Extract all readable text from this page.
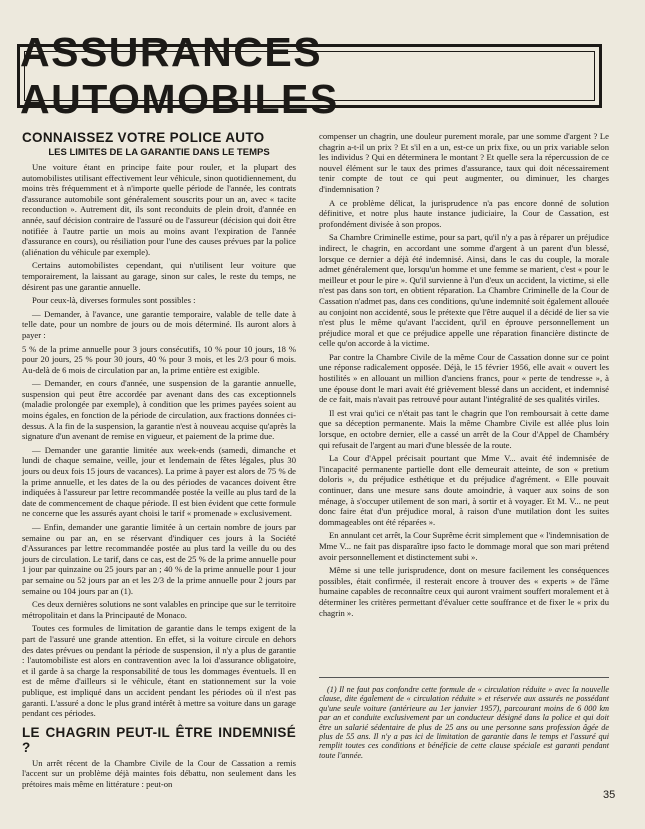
ASSURANCES AUTOMOBILES
CONNAISSEZ VOTRE POLICE AUTO
LES LIMITES DE LA GARANTIE DANS LE TEMPS

Une voiture étant en principe faite pour rouler, et la plupart des automobilistes utilisant effectivement leur véhicule, sinon quotidiennement, du moins très fréquemment et à n'importe quelle période de l'année, les contrats d'assurance automobile sont généralement souscrits pour un an, avec « tacite reconduction ». Autrement dit, ils sont reconduits de plein droit, d'année en année, sauf décision contraire de l'assuré ou de l'assureur (décision qui doit être notifiée à l'autre partie un mois au moins avant l'expiration de l'année d'assurance en cours), ou résiliation pour l'une des causes prévues par la police (aliénation du véhicule par exemple).

Certains automobilistes cependant, qui n'utilisent leur voiture que temporairement, la laissant au garage, sinon sur cales, le reste du temps, ne désirent pas une garantie annuelle.

Pour ceux-là, diverses formules sont possibles :

— Demander, à l'avance, une garantie temporaire, valable de telle date à telle date, pour un nombre de jours ou de mois déterminé. Ils auront alors à payer :

5 % de la prime annuelle pour 3 jours consécutifs, 10 % pour 10 jours, 18 % pour 20 jours, 25 % pour 30 jours, 40 % pour 3 mois, et les 2/3 pour 6 mois. Au-delà de 6 mois de circulation par an, la prime entière est exigible.

— Demander, en cours d'année, une suspension de la garantie annuelle, suspension qui peut être accordée par avenant dans des cas exceptionnels (maladie prolongée par exemple), à condition que les primes payées soient au moins égales, en fonction de la période de circulation, aux fractions données ci-dessus. A la fin de la suspension, la garantie n'est à nouveau acquise qu'après la signature d'un avenant de remise en vigueur, et paiement de la prime due.

— Demander une garantie limitée aux week-ends (samedi, dimanche et lundi de chaque semaine, veille, jour et lendemain de fêtes légales, plus 30 jours ou deux fois 15 jours de vacances). La prime à payer est alors de 75 % de la prime annuelle, et les dates de la ou des périodes de vacances doivent être indiquées à l'assureur par lettre recommandée postée la veille au plus tard de la date de commencement de chaque période. Il est bien évident que cette formule ne concerne que les assurés ayant choisi le tarif « promenade » exclusivement.

— Enfin, demander une garantie limitée à un certain nombre de jours par semaine ou par an, en se réservant d'indiquer ces jours à la Société d'Assurances par lettre recommandée postée au plus tard la veille du ou des jours de circulation. Le tarif, dans ce cas, est de 25 % de la prime annuelle pour 1 jour par quinzaine ou 25 jours par an ; 40 % de la prime annuelle pour 1 jour par semaine ou 52 jours par an et les 2/3 de la prime annuelle pour 2 jours par semaine ou 104 jours par an (1).

Ces deux dernières solutions ne sont valables en principe que sur le territoire métropolitain et dans la Principauté de Monaco.

Toutes ces formules de limitation de garantie dans le temps exigent de la part de l'assuré une grande attention. En effet, si la voiture circule en dehors des dates prévues ou pendant la période de suspension, il n'y a plus de garantie : l'automobiliste est alors en contravention avec la loi d'assurance obligatoire, et il garde à sa charge la responsabilité de tous les dommages éventuels. Il en est de même d'ailleurs si le véhicule, étant en stationnement sur la voie publique, est impliqué dans un accident pendant les périodes où il n'est pas garanti. L'assuré a donc le plus grand intérêt à mettre sa voiture dans un garage pendant ces périodes.

LE CHAGRIN PEUT-IL ÊTRE INDEMNISÉ ?

Un arrêt récent de la Chambre Civile de la Cour de Cassation a remis l'accent sur un problème déjà maintes fois débattu, non seulement dans les prétoires mais même en littérature : peut-on

compenser un chagrin, une douleur purement morale, par une somme d'argent ? Le chagrin a-t-il un prix ? Et s'il en a un, est-ce un prix fixe, ou un prix variable selon les individus ? Qui en déterminera le montant ? Et quelle sera la répercussion de ce nouvel élément sur le taux des primes d'assurance, taux qui doit nécessairement tenir compte de tout ce qui peut augmenter, ou diminuer, les charges d'indemnisation ?

A ce problème délicat, la jurisprudence n'a pas encore donné de solution définitive, et notre plus haute instance judiciaire, la Cour de Cassation, est profondément divisée à son propos.

Sa Chambre Criminelle estime, pour sa part, qu'il n'y a pas à réparer un préjudice indirect, le chagrin, en accordant une somme d'argent à un parent d'un blessé, lorsque ce dernier a déjà été indemnisé. Ainsi, dans le cas du couple, la morale admet généralement que, lorsqu'un homme et une femme se marient, c'est « pour le meilleur et pour le pire ». Qu'il survienne à l'un d'eux un accident, la victime, si elle n'est pas dans son tort, en obtient réparation. La Chambre Criminelle de la Cour de Cassation n'admet pas, dans ces conditions, qu'une indemnité soit également allouée au conjoint non accidenté, sous le prétexte que l'être auquel il a décidé de lier sa vie n'est plus le même qu'avant l'accident, qu'il en éprouve personnellement un préjudice moral et que ce préjudice appelle une réparation financière distincte de celle qu'on accorde à la victime.

Par contre la Chambre Civile de la même Cour de Cassation donne sur ce point une réponse radicalement opposée. Déjà, le 15 février 1956, elle avait « ouvert les hostilités » en allouant un million d'anciens francs, pour « perte de tendresse », à une épouse dont le mari avait été grièvement blessé dans un accident, et indemnisé de ce fait, mais n'avait pas retrouvé pour autant l'intégralité de ses qualités viriles.

Il est vrai qu'ici ce n'était pas tant le chagrin que l'on remboursait à cette dame que sa déception permanente. Mais la même Chambre Civile est allée plus loin lorsque, en octobre dernier, elle a cassé un arrêt de la Cour d'Appel de Chambéry qui refusait de l'argent au mari d'une blessée de la route.

La Cour d'Appel précisait pourtant que Mme V... avait été indemnisée de l'incapacité permanente partielle dont elle demeurait atteinte, de son « pretium doloris », du préjudice esthétique et du préjudice d'agrément. « Elle pouvait continuer, dans une mesure sans doute amoindrie, à vaquer aux soins de son ménage, à s'occuper utilement de son mari, à sortir et à voyager. Et M. V... ne peut donc faire état d'un préjudice moral, à raison d'une mutilation dont les suites dommageables ont été réparées ».

En annulant cet arrêt, la Cour Suprême écrit simplement que « l'indemnisation de Mme V... ne fait pas disparaître ipso facto le dommage moral que son mari prétend avoir personnellement et distinctement subi ».

Même si une telle jurisprudence, dont on mesure facilement les conséquences possibles, était confirmée, il resterait encore à trouver des « experts » de l'âme humaine capables de reconnaître ceux qui auront vraiment souffert moralement et à déterminer les critères permettant d'évaluer cette souffrance et de fixer le « prix du chagrin ».

(1) Il ne faut pas confondre cette formule de « circulation réduite » avec la nouvelle clause, dite également de « circulation réduite » et réservée aux assurés ne possédant qu'une seule voiture (antérieure au 1er janvier 1957), parcourant moins de 6 000 km par an et conduite exclusivement par un conducteur désigné dans la police et qui doit être un salarié sédentaire de plus de 25 ans ou une personne sans profession âgée de plus de 55 ans. Il n'y a pas ici de limitation de garantie dans le temps et l'assuré qui remplit toutes ces conditions et bénéficie de cette clause spéciale est garanti pendant toute l'année.

35
